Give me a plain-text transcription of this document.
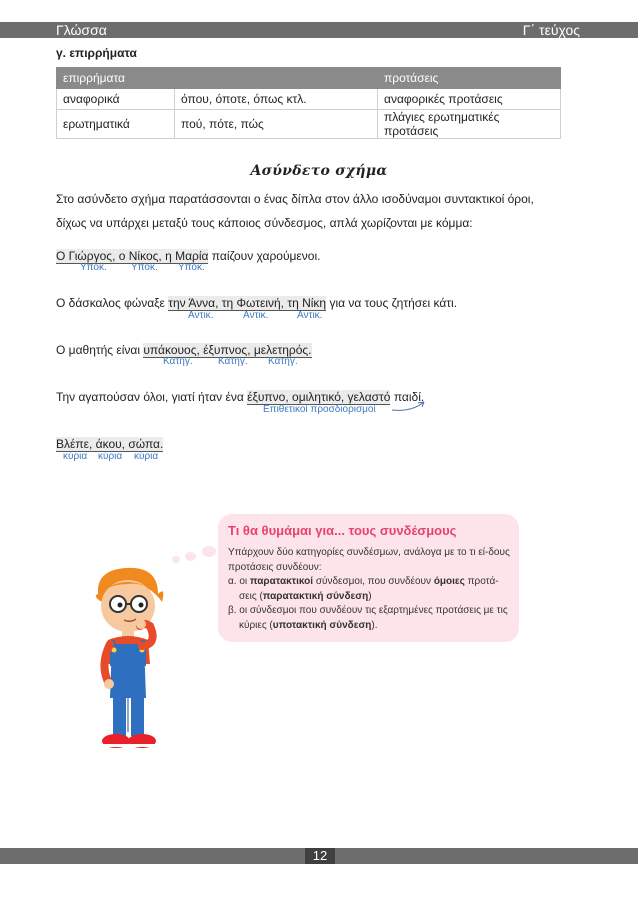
Γλώσσα	Γ΄ τεύχος
γ. επιρρήματα
επιρρήματα		προτάσεις
αναφορικά	όπου, όποτε, όπως κτλ.	αναφορικές προτάσεις
ερωτηματικά	πού, πότε, πώς	πλάγιες ερωτηματικές προτάσεις
Ασύνδετο σχήμα
Στο ασύνδετο σχήμα παρατάσσονται ο ένας δίπλα στον άλλο ισοδύναμοι συντακτικοί όροι, δίχως να υπάρχει μεταξύ τους κάποιος σύνδεσμος, απλά χωρίζονται με κόμμα:
Ο Γιώργος, ο Νίκος, η Μαρία παίζουν χαρούμενοι.
Υποκ. Υποκ. Υποκ.
Ο δάσκαλος φώναξε την Άννα, τη Φωτεινή, τη Νίκη για να τους ζητήσει κάτι.
Αντικ.	Αντικ.	Αντικ.
Ο μαθητής είναι υπάκουος, έξυπνος, μελετηρός.
Κατηγ.	Κατηγ. Κατηγ.
Την αγαπούσαν όλοι, γιατί ήταν ένα έξυπνο, ομιλητικό, γελαστό παιδί.
Επιθετικοί προσδιορισμοί
Βλέπε, άκου, σώπα.
κύρια κύρια κύρια
Τι θα θυμάμαι για... τους συνδέσμους
Υπάρχουν δύο κατηγορίες συνδέσμων, ανάλογα με το τι εί-δους προτάσεις συνδέουν:
α. οι παρατακτικοί σύνδεσμοι, που συνδέουν όμοιες προτά-σεις (παρατακτική σύνδεση)
β. οι σύνδεσμοι που συνδέουν τις εξαρτημένες προτάσεις με τις κύριες (υποτακτική σύνδεση).
12
